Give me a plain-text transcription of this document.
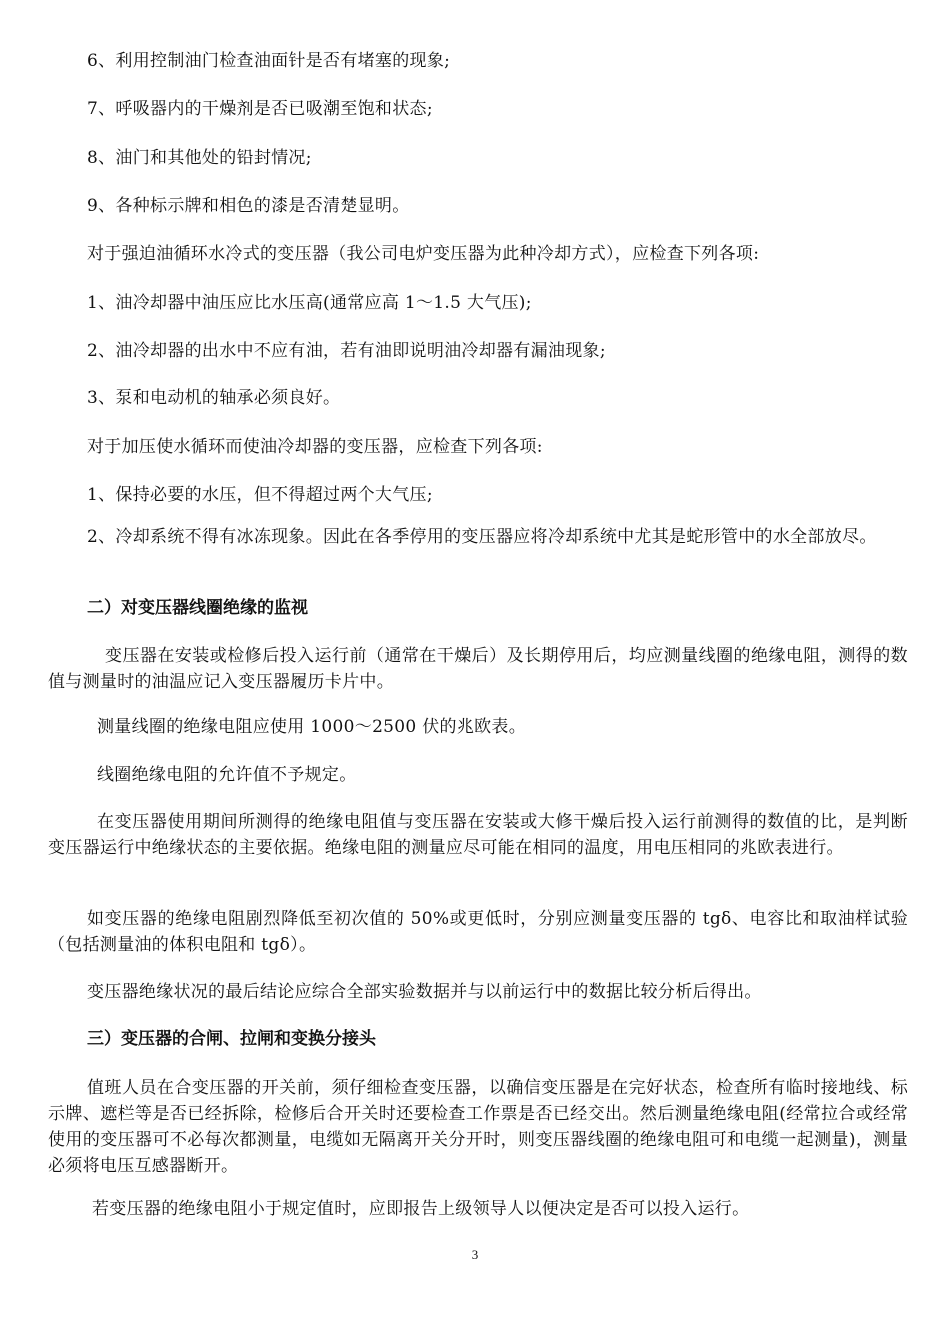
6、利用控制油门检查油面针是否有堵塞的现象;

7、呼吸器内的干燥剂是否已吸潮至饱和状态;

8、油门和其他处的铅封情况;

9、各种标示牌和相色的漆是否清楚显明。

对于强迫油循环水冷式的变压器（我公司电炉变压器为此种冷却方式），应检查下列各项:

1、油冷却器中油压应比水压高(通常应高 1～1.5 大气压);

2、油冷却器的出水中不应有油，若有油即说明油冷却器有漏油现象;

3、泵和电动机的轴承必须良好。

对于加压使水循环而使油冷却器的变压器，应检查下列各项:

1、保持必要的水压，但不得超过两个大气压;

2、冷却系统不得有冰冻现象。因此在各季停用的变压器应将冷却系统中尤其是蛇形管中的水全部放尽。

二）对变压器线圈绝缘的监视

变压器在安装或检修后投入运行前（通常在干燥后）及长期停用后，均应测量线圈的绝缘电阻，测得的数值与测量时的油温应记入变压器履历卡片中。

测量线圈的绝缘电阻应使用 1000～2500 伏的兆欧表。

线圈绝缘电阻的允许值不予规定。

在变压器使用期间所测得的绝缘电阻值与变压器在安装或大修干燥后投入运行前测得的数值的比，是判断变压器运行中绝缘状态的主要依据。绝缘电阻的测量应尽可能在相同的温度，用电压相同的兆欧表进行。

如变压器的绝缘电阻剧烈降低至初次值的 50%或更低时，分别应测量变压器的 tgδ、电容比和取油样试验（包括测量油的体积电阻和 tgδ）。

变压器绝缘状况的最后结论应综合全部实验数据并与以前运行中的数据比较分析后得出。

三）变压器的合闸、拉闸和变换分接头

值班人员在合变压器的开关前，须仔细检查变压器，以确信变压器是在完好状态，检查所有临时接地线、标示牌、遮栏等是否已经拆除，检修后合开关时还要检查工作票是否已经交出。然后测量绝缘电阻(经常拉合或经常使用的变压器可不必每次都测量，电缆如无隔离开关分开时，则变压器线圈的绝缘电阻可和电缆一起测量)，测量必须将电压互感器断开。

若变压器的绝缘电阻小于规定值时，应即报告上级领导人以便决定是否可以投入运行。

3
